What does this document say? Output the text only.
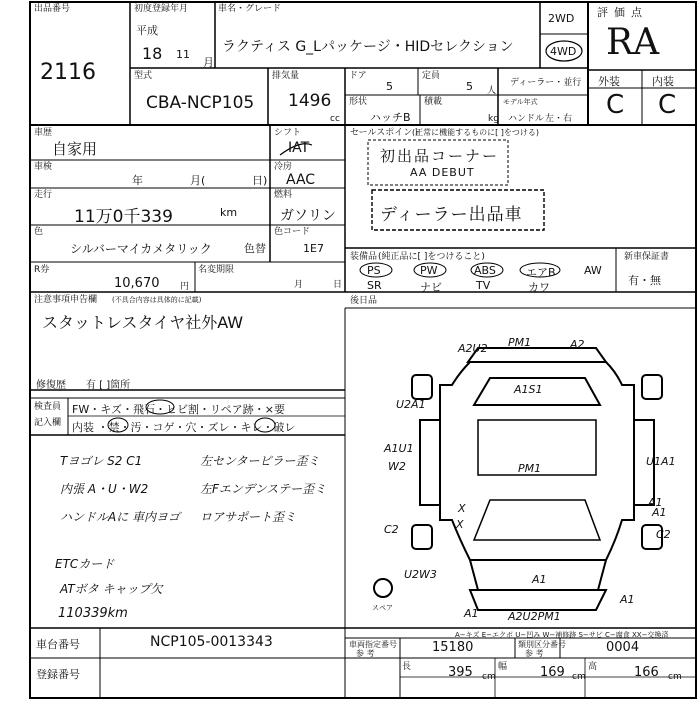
出品番号
2116
初度登録年月
平成
18 11
月
車名・グレード
ラクティス G_Lパッケージ・HIDセレクション
2WD
4WD
評価点
RA
外装	内装
C C
型式
CBA-NCP105
排気量
1496
cc
ドア
5
定員
5 人
形状
ハッチB
積載
kg
ディーラー・並行
モデル年式
ハンドル 左・右
車歴
自家用
シフト
IAT
車検
年	月(	日)
冷房
AAC
走行
11万0千339	km
燃料
ガソリン
色
シルバーマイカメタリック
色コード
色替	1E7
R券
10,670 円
名変期限
月	日
注意事項申告欄 (不具合内容は具体的に記載)
スタットレスタイヤ社外AW
修復歴 有 [ ]箇所
検査員
記入欄
FW・キズ・飛石・ヒビ割・リペア跡・×要
内装 ・禁・汚・コゲ・穴・ズレ・キレ・破レ
Tヨゴレ S2 C1
内張 A・U・W2
ハンドルAに 車内ヨゴ
左センターピラー歪ミ
左Fエンデンステー歪ミ
ロアサポート歪ミ
ETCカード
ATボタ キャップ欠
110339km
セールスポイント
(正常に機能するものに[ ]をつける)
初出品コーナー
AA DEBUT
ディーラー出品車
装備品 (純正品に[ ]をつけること)
PS	PW	ABS	エアB	AW
SR	ナビ	TV	カワ
新車保証書
有・無
後日品
A2U2 PM1	A2
A1S1
U2A1
A1U1
W2	PM1
U1A1
A1
C2	C2
A1
U2W3	A1
A1	A2U2PM1
A1
X
X
スペア
A−キズ E−エクボ U−凹み W−補修跡 S−サビ C−腐食 XX−交換済
車台番号	NCP105-0013343
登録番号
車両指定番号
参 考	15180	類別区分番号
参 考	0004
長	395 cm
幅	169 cm
高	166 cm
